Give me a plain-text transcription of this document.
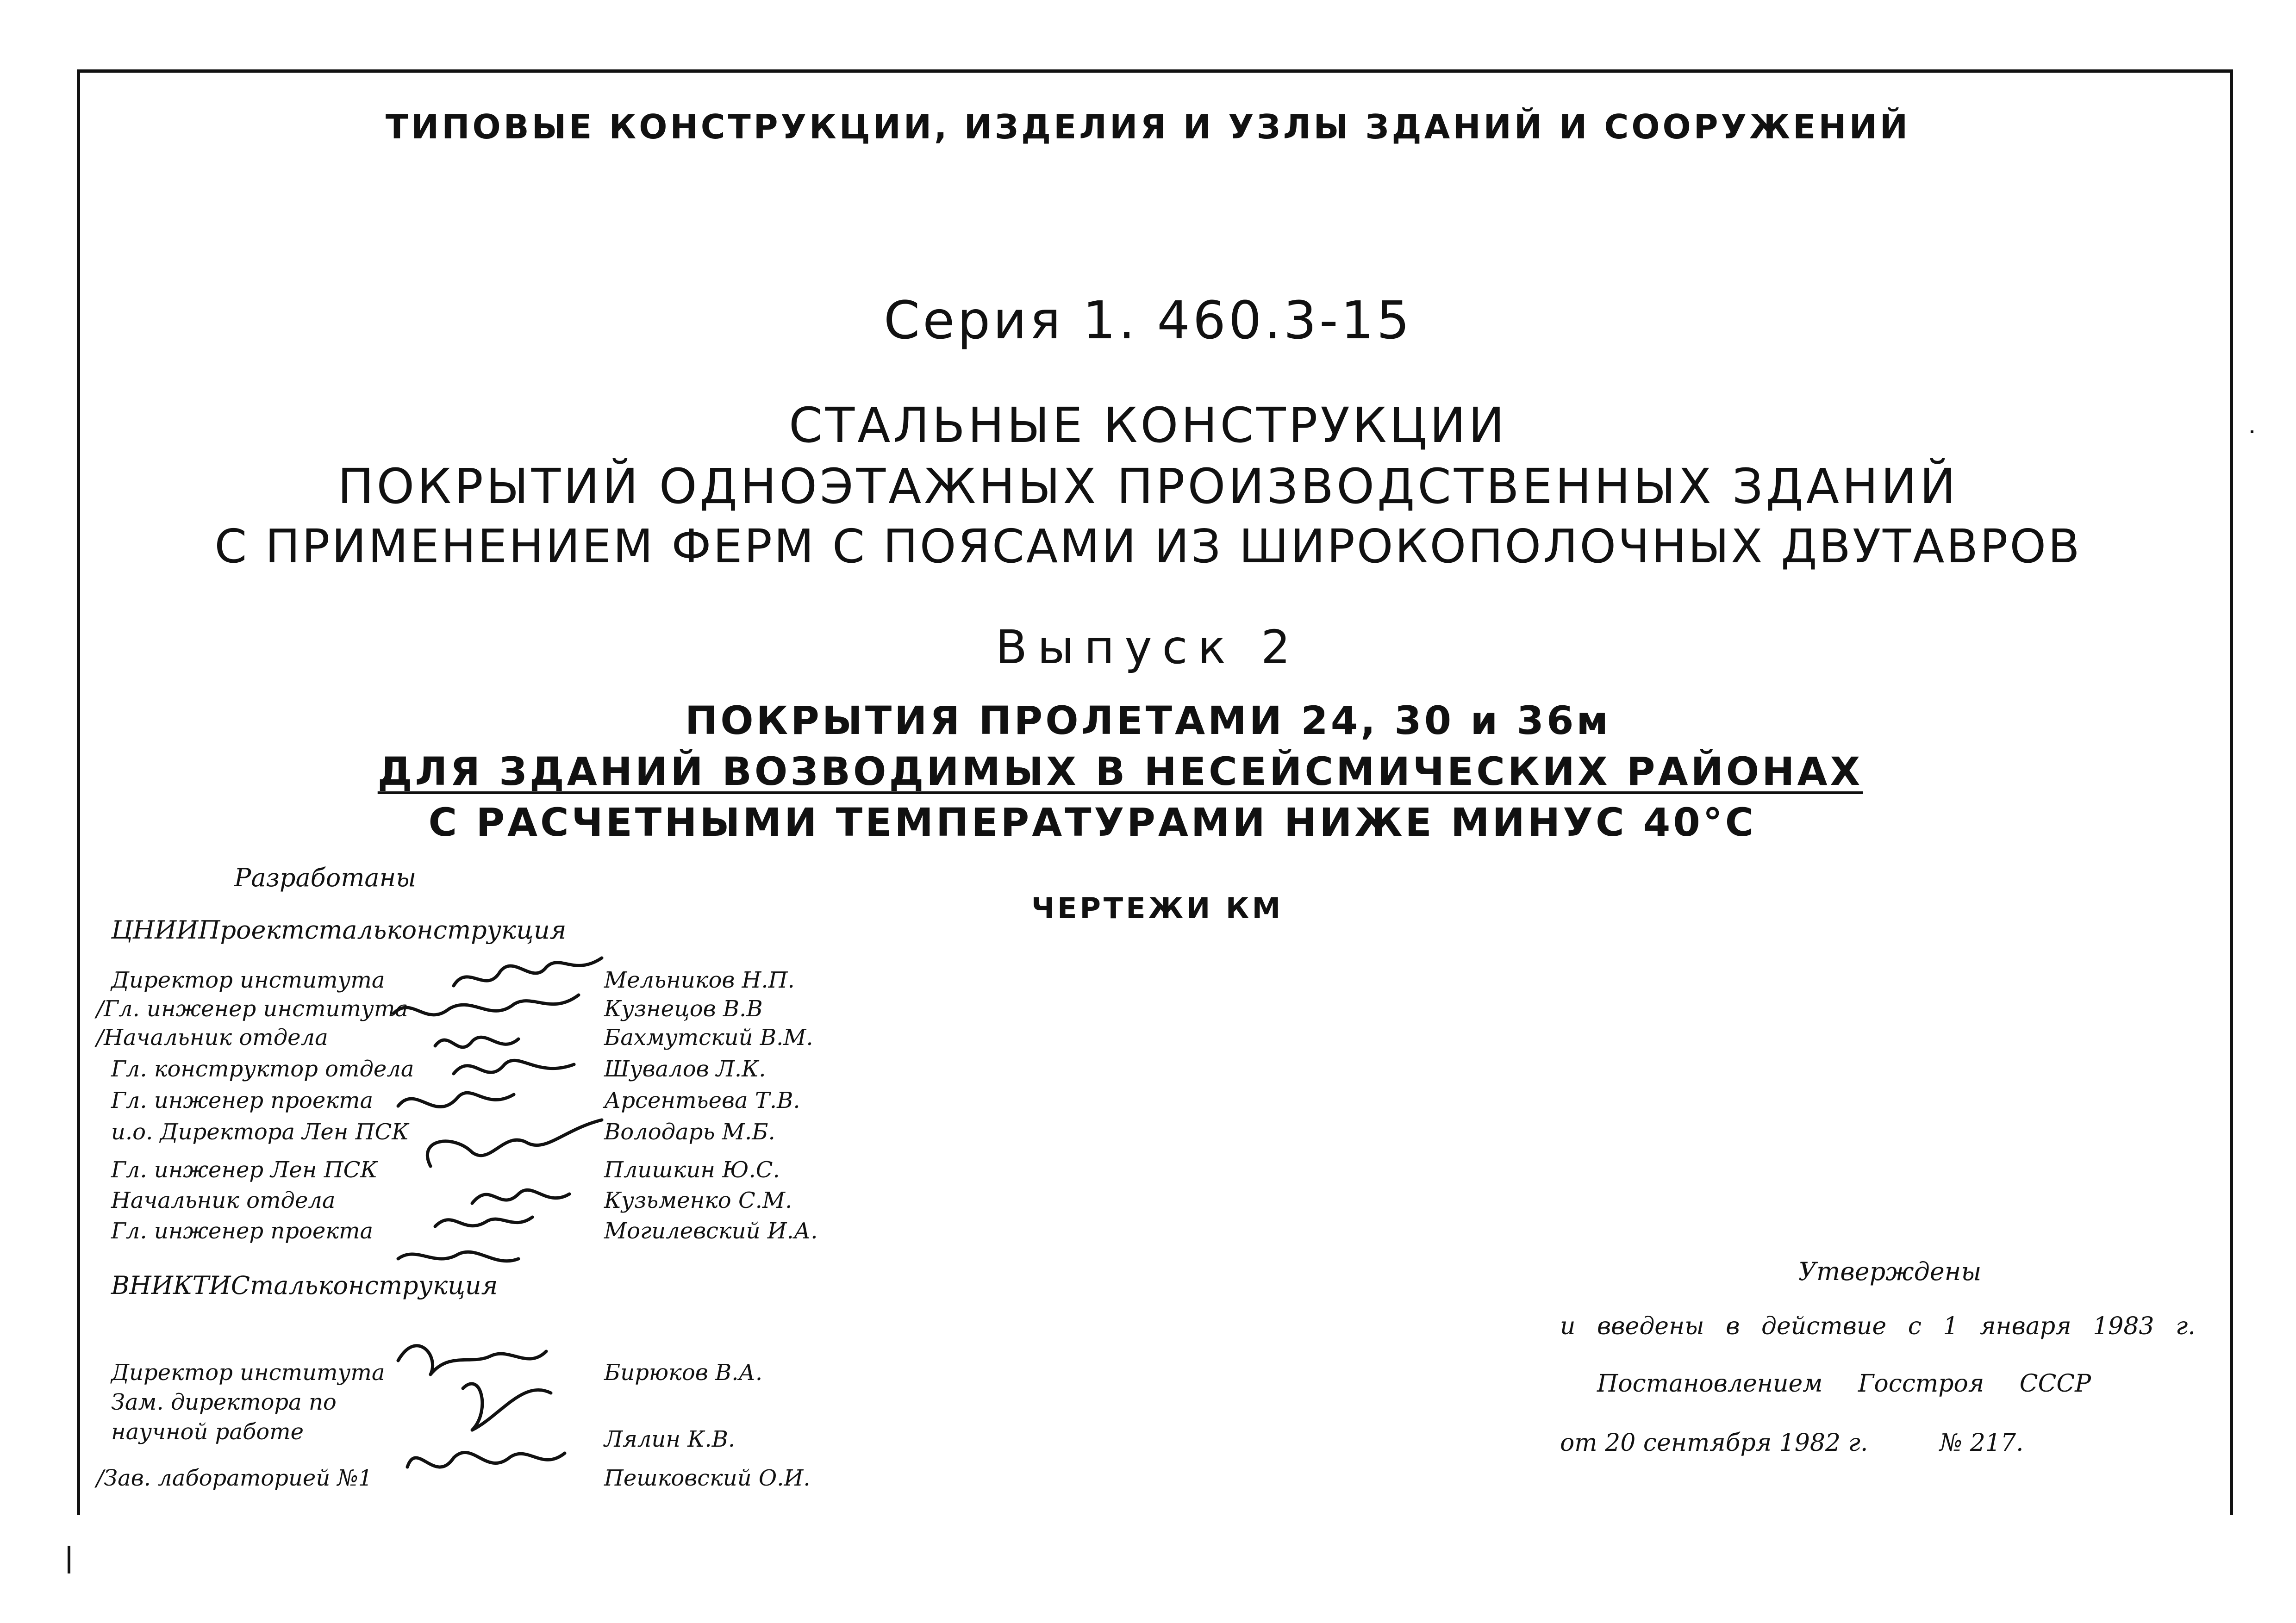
ТИПОВЫЕ КОНСТРУКЦИИ, ИЗДЕЛИЯ И УЗЛЫ ЗДАНИЙ И СООРУЖЕНИЙ
Серия 1. 460.3-15
СТАЛЬНЫЕ КОНСТРУКЦИИ
ПОКРЫТИЙ ОДНОЭТАЖНЫХ ПРОИЗВОДСТВЕННЫХ ЗДАНИЙ
С ПРИМЕНЕНИЕМ ФЕРМ С ПОЯСАМИ ИЗ ШИРОКОПОЛОЧНЫХ ДВУТАВРОВ
Выпуск 2
ПОКРЫТИЯ ПРОЛЕТАМИ 24, 30 и 36м
ДЛЯ ЗДАНИЙ ВОЗВОДИМЫХ В НЕСЕЙСМИЧЕСКИХ РАЙОНАХ
С РАСЧЕТНЫМИ ТЕМПЕРАТУРАМИ НИЖЕ МИНУС 40°С
ЧЕРТЕЖИ КМ
Разработаны
ЦНИИПроектстальконструкция
Директор института	Мельников Н.П.
/Гл. инженер института	Кузнецов В.В
/Начальник отдела	Бахмутский В.М.
Гл. конструктор отдела	Шувалов Л.К.
Гл. инженер проекта	Арсентьева Т.В.
и.о. Директора Лен ПСК	Володарь М.Б.
Гл. инженер Лен ПСК	Плишкин Ю.С.
Начальник отдела	Кузьменко С.М.
Гл. инженер проекта	Могилевский И.А.
ВНИКТИСтальконструкция
Директор института	Бирюков В.А.
Зам. директора по
научной работе	Лялин К.В.
/Зав. лабораторией №1	Пешковский О.И.
Утверждены
и введены в действие с 1 января 1983 г.
Постановлением Госстроя СССР
от 20 сентября 1982 г.	№ 217.
